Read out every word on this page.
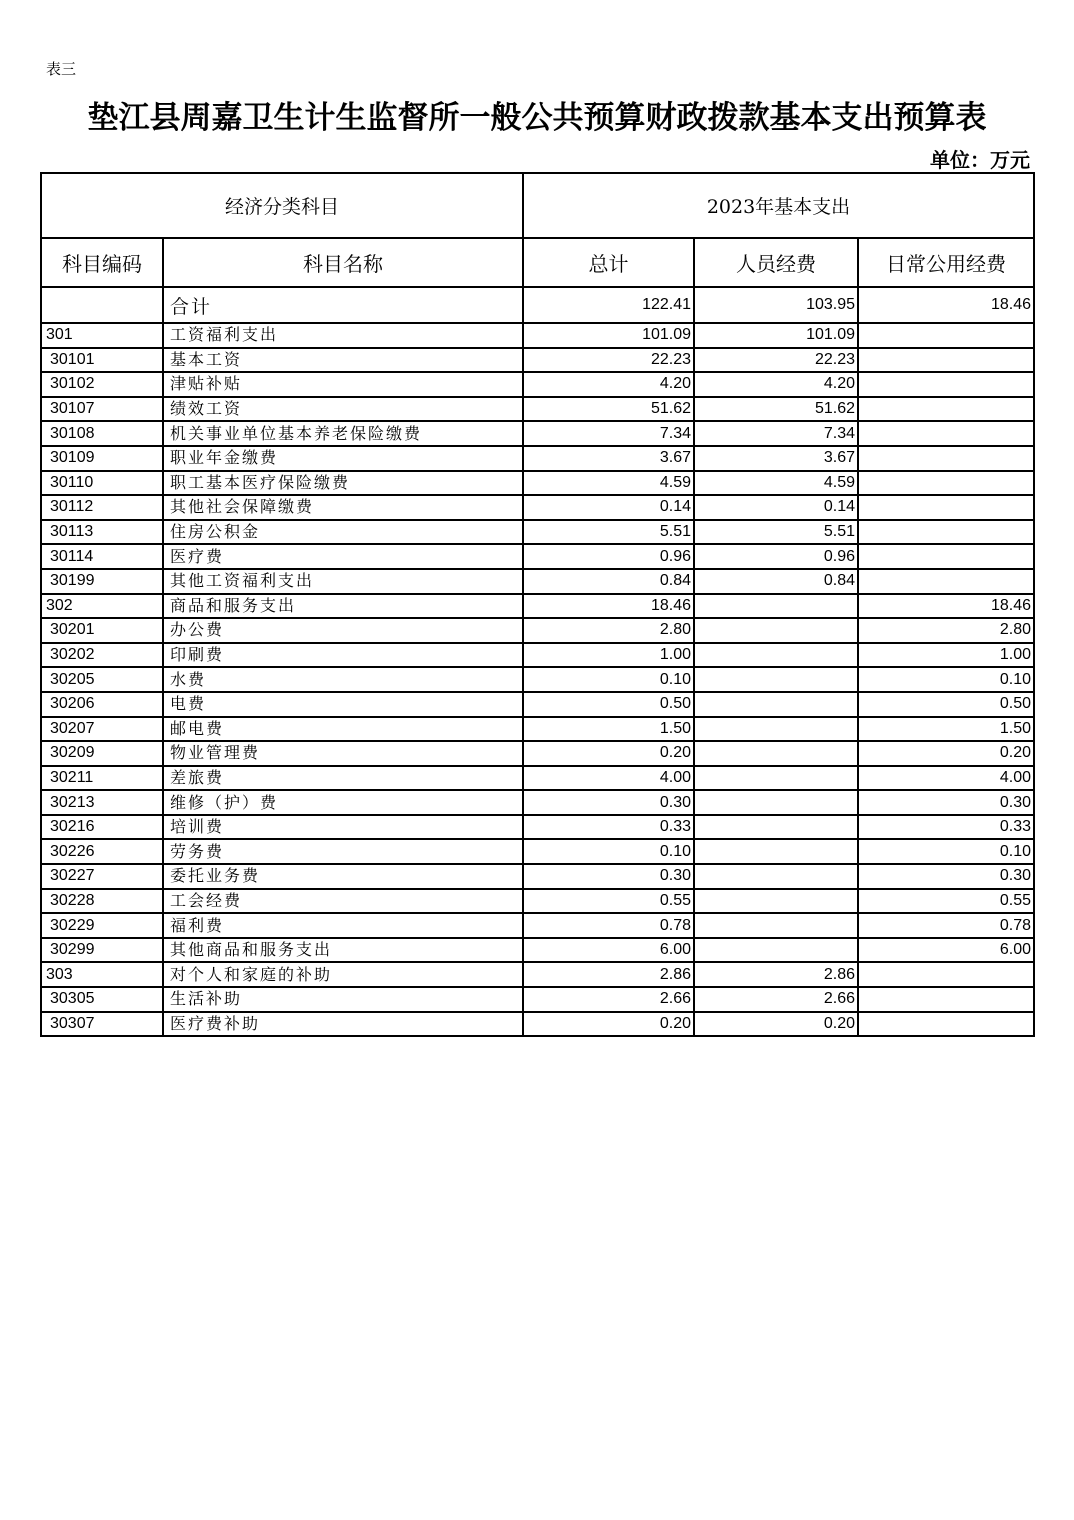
表三
垫江县周嘉卫生计生监督所一般公共预算财政拨款基本支出预算表
单位：万元
经济分类科目		2023年基本支出		
科目编码	科目名称	总计	人员经费	日常公用经费
	合计	122.41	103.95	18.46
301	工资福利支出	101.09	101.09	
30101	基本工资	22.23	22.23	
30102	津贴补贴	4.20	4.20	
30107	绩效工资	51.62	51.62	
30108	机关事业单位基本养老保险缴费	7.34	7.34	
30109	职业年金缴费	3.67	3.67	
30110	职工基本医疗保险缴费	4.59	4.59	
30112	其他社会保障缴费	0.14	0.14	
30113	住房公积金	5.51	5.51	
30114	医疗费	0.96	0.96	
30199	其他工资福利支出	0.84	0.84	
302	商品和服务支出	18.46		18.46
30201	办公费	2.80		2.80
30202	印刷费	1.00		1.00
30205	水费	0.10		0.10
30206	电费	0.50		0.50
30207	邮电费	1.50		1.50
30209	物业管理费	0.20		0.20
30211	差旅费	4.00		4.00
30213	维修（护）费	0.30		0.30
30216	培训费	0.33		0.33
30226	劳务费	0.10		0.10
30227	委托业务费	0.30		0.30
30228	工会经费	0.55		0.55
30229	福利费	0.78		0.78
30299	其他商品和服务支出	6.00		6.00
303	对个人和家庭的补助	2.86	2.86	
30305	生活补助	2.66	2.66	
30307	医疗费补助	0.20	0.20	
